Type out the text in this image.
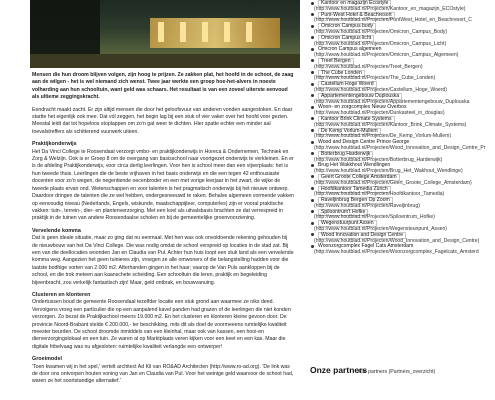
Mensen die hun droom blijven volgen, zijn hoog te prijzen. Ze zakken plat, het hoofd in de schoot, de zaag aan de wilgen - het is wel niemand zich wenst. Twee jaar werkte een groep hoe-het-alvers in noeste volharding aan hun schooltuin, want geld was schaars. Het resultaat is van een zoveel uiterste eenvoud als ultieme zeggingskracht.

Eendracht maakt zacht. Er zijn altijd mensen die door het geloofsvuur van anderen vonden aangestoken. En daar startte het eigenlijk ook mee. Dat vól zeggen, het begin lag bij een stuk of vier vaker over het hoofd voor gezien. Meestal leidt dat tot hopeloos stoplappen om zo'n gat weer te dichten. Hier spatte echter een minder aal toevalstreffers als schitterend vuurwerk uiteen.

Praktijkonderwijs

Het Da Vinci College te Roosendaal verzorgt vmbo- en praktijkonderwijs in Horeca & Ondernemen, Techniek en Zorg & Welzijn. Ook is er Groep 8 om de overgang van basisschool naar voortgezet onderwijs te verkleinen. En er is de afdeling Praktijkonderwijs, voor circa dertig leerlingen. Voor hen is school meer dan een vijverplaats: het is hun tweede thuis. Leerlingen die de beste vrijhaven in het basis onderwijs en die een tegen 42 enthousiaste docenten voor zo'n wegen, de negentiende oecenbroder en een met vorige leerjaar in het zwart, de wijke de tweede plaats ervan ond. Wetenschappen en voor talenten is het pragmatisch onderwijs bij het nieuwe ontwerp. Daardoor dringen de talenten die ze wel hebben, ondergesneeuwd te raken. Behalve algemeen vormende vakken op eenvoudig niveau (Nederlands, Engels, wiskunde, maatschappijleer, computerles) zijn er vooral praktische vakken: tuin-, terrein-, dier- en plantenverzorging. Met een koel als uitvalsbasis brachten ze dat verrespreid in praktijk in de tuinen van andere Roosendaalse scholen en bij de gemeentelijke groenvoorziening.

Vervelende komma

Dat is geen ideale situatie, maar zo ging dat nu eenmaal. Met hen was ook onvoldoende rekening gehouden bij de nieuwbouw van het Da Vinci College. Die was nodig omdat de school verspreid op locaties in de stad zat. Bij een van die deellocaties woonden Jan en Claudia van Pul. Achter hun huis loopt een stuk land als een vervelende komma weg. Aangezien het geen tuinieres zijn, vroegen ze alle omwoners of die belangstelling hadden voor die laatste bodhige vorten van 2.000 m2. Afterhanden gingen in het haar; vaarop de Van Puls aankloppen bij de school, en die trok meteen aan kaanschete scheiding. Een schooltuin die leren, praktijk en begeleiding bijeenbracht, zou verkelijk fantastisch zijn! Maar, geld ontbrak, en bouwvanuing.

Clusteren en klonteren

Ondertussen boud de gemeente Roosendaal tezelfder locatie een stuk grond aan waarmee ze niks deed. Vervolgens vroeg een particulier die op een aanpalend kavel panden had grazen of de leerlingen die niet konden verzorgen. Zo bezat de Praktijkschool meens 19.000 m2. En het clusteren en klonteren kleine gevoon door. De provincie Noord-Brabant stelde € 200.000,- ter beschikking, mits dit als doel de voormeeens rumtelijke kwaliteit meester beurden. De school droomde inmiddels van een kleinhal, maar ook van kassen, een hooi-en dierverzorgingslokaal en een tuin. Ze waren al op Marktplaats veren kijken voor een keet en een kas. Maar die digitale fribelvaag was nu afgesloten: ruimtelijke kwaliteit verlangde een ontwerper!

Groeimodel

'Toen kwamen wij in het spel,' vertelt architect Ad Kil van RO&AD Architecten (http://www.ro-ad.org). 'De link was de door ons ontvorpen houten voning van Jan en Claudia van Pul. Voor het weinige geld waarvoor de schoot had, waren ze het soortstandige alternatief.'

Kantoor en magazijn Ecostyle
(http://www.houtblad.nl/Projecten/Kantoor_en_magazijn_ECOstyle)
Punt-West Hotel & Beachresort
(http://www.houtblad.nl/Projecten/PuntWest_Hotel_en_Beachresort_C
Omicron Campus body
(http://www.houtblad.nl/Projecten/Omicron_Campus_Body)
Omicron Campus licht
(http://www.houtblad.nl/Projecten/Omicron_Campus_Licht)
Omicron Campus algemeen
(http://www.houtblad.nl/Projecten/Omicron_Campus_Algemeen)
Treet Bergen
(http://www.houtblad.nl/Projecten/Treet_Bergen)
The Cube Londen
(http://www.houtblad.nl/Projecten/The_Cube_Londen)
Castellum Hoge Woerd
(http://www.houtblad.nl/Projecten/Castellum_Hoge_Woerd)
Appartementengebouw Duplouska
(http://www.houtblad.nl/Projecten/Appartementengebouw_Duplouska
Woon- en zorgcomplex Nieuw Overbos
(http://www.houtblad.nl/Projecten/Dunkasteel_in_douglas)
Kantoor Brink Climate Systems
(http://www.houtblad.nl/Projecten/Kantoor_Brink_Climate_Systems)
De Kemp Vorlum-Mullem
(http://www.houtblad.nl/Projecten/De_Kemp_Vorlum-Mullem)
Wood and Design Centre Prince George
(http://www.houtblad.nl/Projecten/Wood_Innovation_and_Design_Centre_Pr
Botterbrug Harderwijk
(http://www.houtblad.nl/Projecten/Botterbrug_Harderwijk)
Brug Het Wakkhout Wendlingen
(http://www.houtblad.nl/Projecten/Brug_Het_Wakhout_Wendlinge)
Geert Groote College Amsterdam
(http://www.houtblad.nl/Projecten/Geert_Groote_College_Amsterdam)
Hoofdkantoor Tamedia Zürich
(http://www.houtblad.nl/Projecten/Hoofdkantoor_Tamedia)
Raveljinbrug Bergen Op Zoom
(http://www.houtblad.nl/Projecten/Raveljinbrug)
Spiloontrum't Hofke
(http://www.houtblad.nl/Projecten/Spiloentrum_Hofke)
Wegenstuurpunt Assen
(http://www.houtblad.nl/Projecten/Wegensteunpunt_Assen)
Wood Innovation and Design Centre
(http://www.houtblad.nl/Projecten/Wood_Innovation_and_Design_Centre)
Woonzorgcomplex Fagel Cats Amsterdam
(http://www.houtblad.nl/Projecten/Woonzorgcomplex_Fagelcats_Amsterd
Onze partners
Alle partners (Partners_overzicht)
